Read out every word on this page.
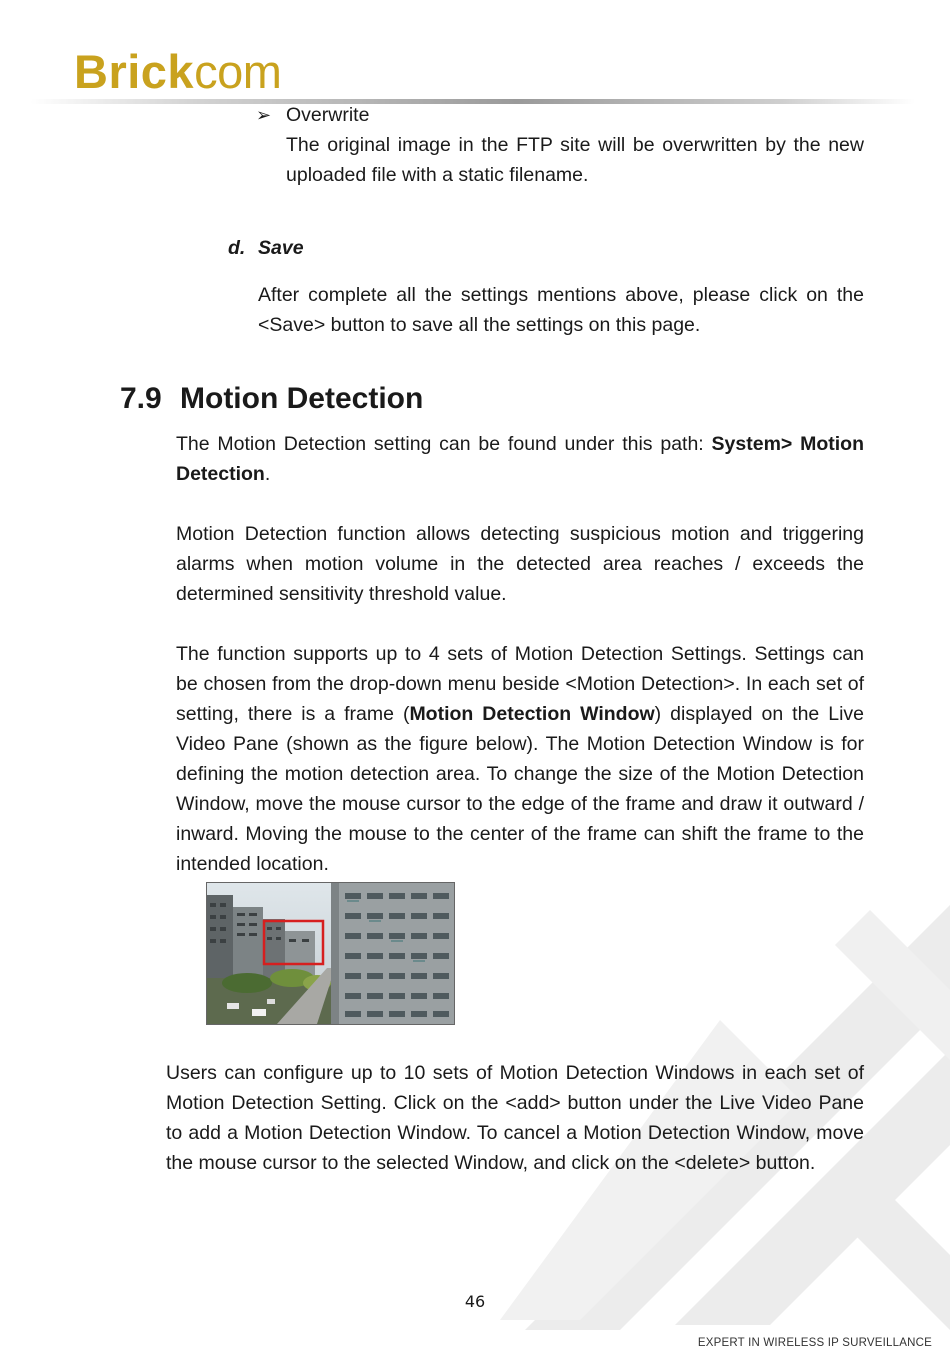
Brick com
➢ Overwrite

The original image in the FTP site will be overwritten by the new uploaded file with a static filename.

d. Save

After complete all the settings mentions above, please click on the <Save> button to save all the settings on this page.

7.9 Motion Detection

The Motion Detection setting can be found under this path: System> Motion Detection.

Motion Detection function allows detecting suspicious motion and triggering alarms when motion volume in the detected area reaches / exceeds the determined sensitivity threshold value.

The function supports up to 4 sets of Motion Detection Settings. Settings can be chosen from the drop-down menu beside <Motion Detection>. In each set of setting, there is a frame (Motion Detection Window) displayed on the Live Video Pane (shown as the figure below). The Motion Detection Window is for defining the motion detection area. To change the size of the Motion Detection Window, move the mouse cursor to the edge of the frame and draw it outward / inward. Moving the mouse to the center of the frame can shift the frame to the intended location.

Users can configure up to 10 sets of Motion Detection Windows in each set of Motion Detection Setting. Click on the <add> button under the Live Video Pane to add a Motion Detection Window. To cancel a Motion Detection Window, move the mouse cursor to the selected Window, and click on the <delete> button.

46
EXPERT IN WIRELESS IP SURVEILLANCE
